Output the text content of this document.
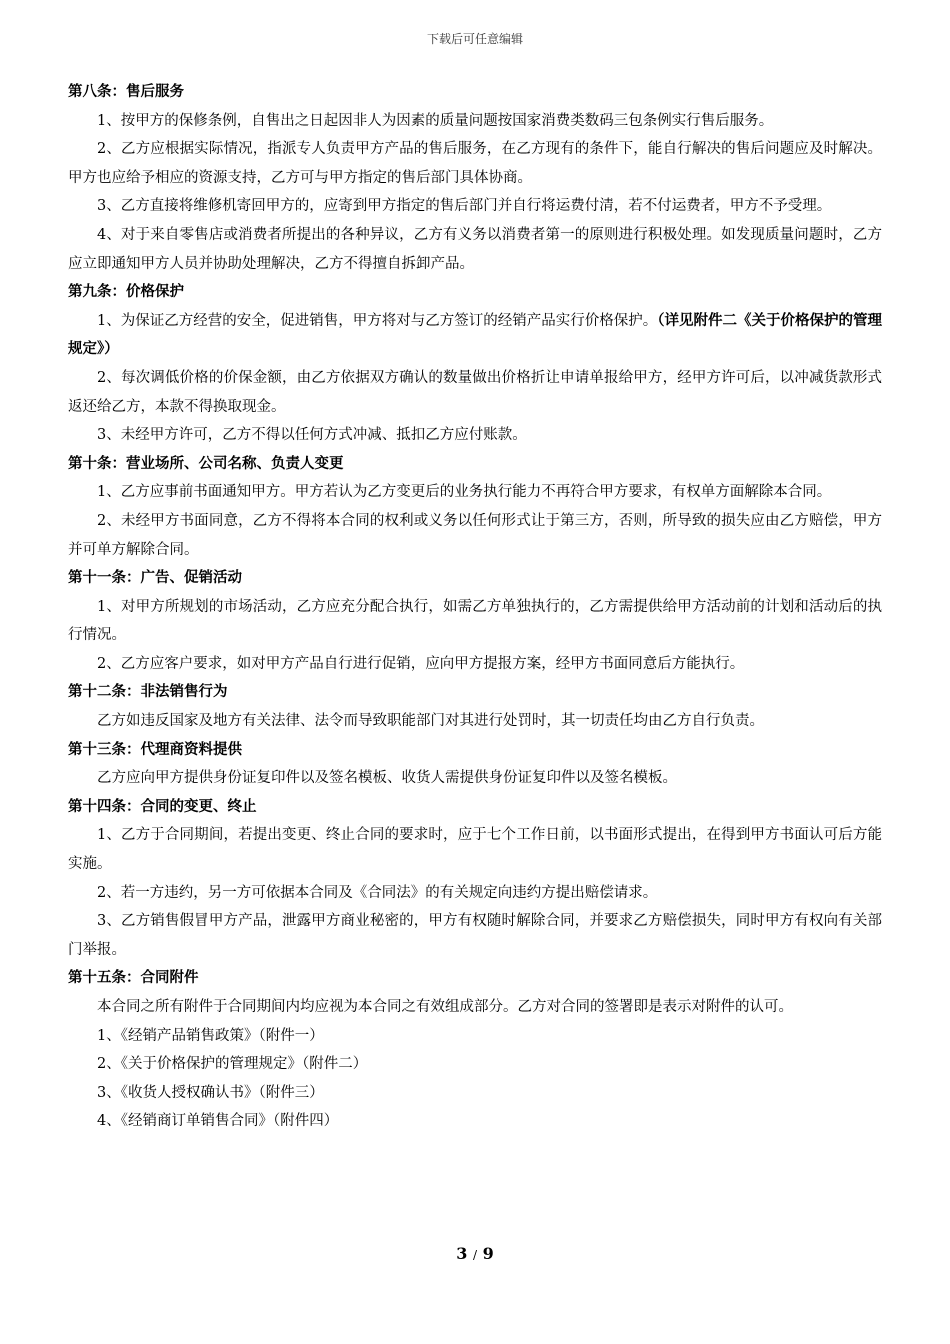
下载后可任意编辑
第八条：售后服务
1、按甲方的保修条例，自售出之日起因非人为因素的质量问题按国家消费类数码三包条例实行售后服务。
2、乙方应根据实际情况，指派专人负责甲方产品的售后服务，在乙方现有的条件下，能自行解决的售后问题应及时解决。甲方也应给予相应的资源支持，乙方可与甲方指定的售后部门具体协商。
3、乙方直接将维修机寄回甲方的，应寄到甲方指定的售后部门并自行将运费付清，若不付运费者，甲方不予受理。
4、对于来自零售店或消费者所提出的各种异议，乙方有义务以消费者第一的原则进行积极处理。如发现质量问题时，乙方应立即通知甲方人员并协助处理解决，乙方不得擅自拆卸产品。
第九条：价格保护
1、为保证乙方经营的安全，促进销售，甲方将对与乙方签订的经销产品实行价格保护。（详见附件二《关于价格保护的管理规定》）
2、每次调低价格的价保金额，由乙方依据双方确认的数量做出价格折让申请单报给甲方，经甲方许可后，以冲减货款形式返还给乙方，本款不得换取现金。
3、未经甲方许可，乙方不得以任何方式冲减、抵扣乙方应付账款。
第十条：营业场所、公司名称、负责人变更
1、乙方应事前书面通知甲方。甲方若认为乙方变更后的业务执行能力不再符合甲方要求，有权单方面解除本合同。
2、未经甲方书面同意，乙方不得将本合同的权利或义务以任何形式让于第三方，否则，所导致的损失应由乙方赔偿，甲方并可单方解除合同。
第十一条：广告、促销活动
1、对甲方所规划的市场活动，乙方应充分配合执行，如需乙方单独执行的，乙方需提供给甲方活动前的计划和活动后的执行情况。
2、乙方应客户要求，如对甲方产品自行进行促销，应向甲方提报方案，经甲方书面同意后方能执行。
第十二条：非法销售行为
乙方如违反国家及地方有关法律、法令而导致职能部门对其进行处罚时，其一切责任均由乙方自行负责。
第十三条：代理商资料提供
乙方应向甲方提供身份证复印件以及签名模板、收货人需提供身份证复印件以及签名模板。
第十四条：合同的变更、终止
1、乙方于合同期间，若提出变更、终止合同的要求时，应于七个工作日前，以书面形式提出，在得到甲方书面认可后方能实施。
2、若一方违约，另一方可依据本合同及《合同法》的有关规定向违约方提出赔偿请求。
3、乙方销售假冒甲方产品，泄露甲方商业秘密的，甲方有权随时解除合同，并要求乙方赔偿损失，同时甲方有权向有关部门举报。
第十五条：合同附件
本合同之所有附件于合同期间内均应视为本合同之有效组成部分。乙方对合同的签署即是表示对附件的认可。
1、《经销产品销售政策》（附件一）
2、《关于价格保护的管理规定》（附件二）
3、《收货人授权确认书》（附件三）
4、《经销商订单销售合同》（附件四）
3 / 9
